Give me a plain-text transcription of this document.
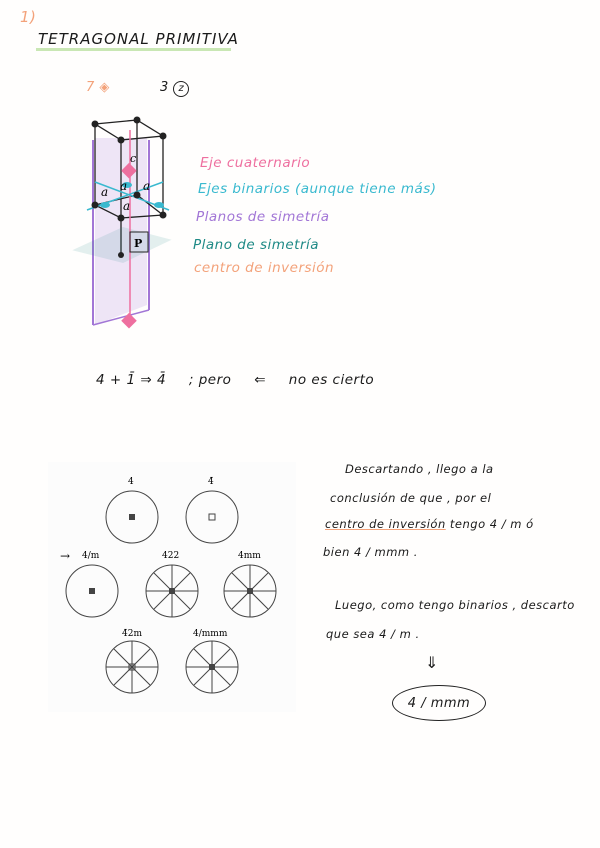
1)
TETRAGONAL PRIMITIVA
7 ◈	3 z
c
a a a
a
P
Eje cuaternario
Ejes binarios (aunque tiene más)
Planos de simetría
Plano de simetría
centro de inversión
4 + 1̄ ⇒ 4̄ ; pero ⇐ no es cierto
4	4̄
4/m	422	4mm
4̄2m	4/mmm
→
Descartando , llego a la
conclusión de que , por el
centro de inversión tengo 4 / m ó
bien 4 / mmm .
Luego, como tengo binarios , descarto
que sea 4 / m .
⇓
4 / mmm
